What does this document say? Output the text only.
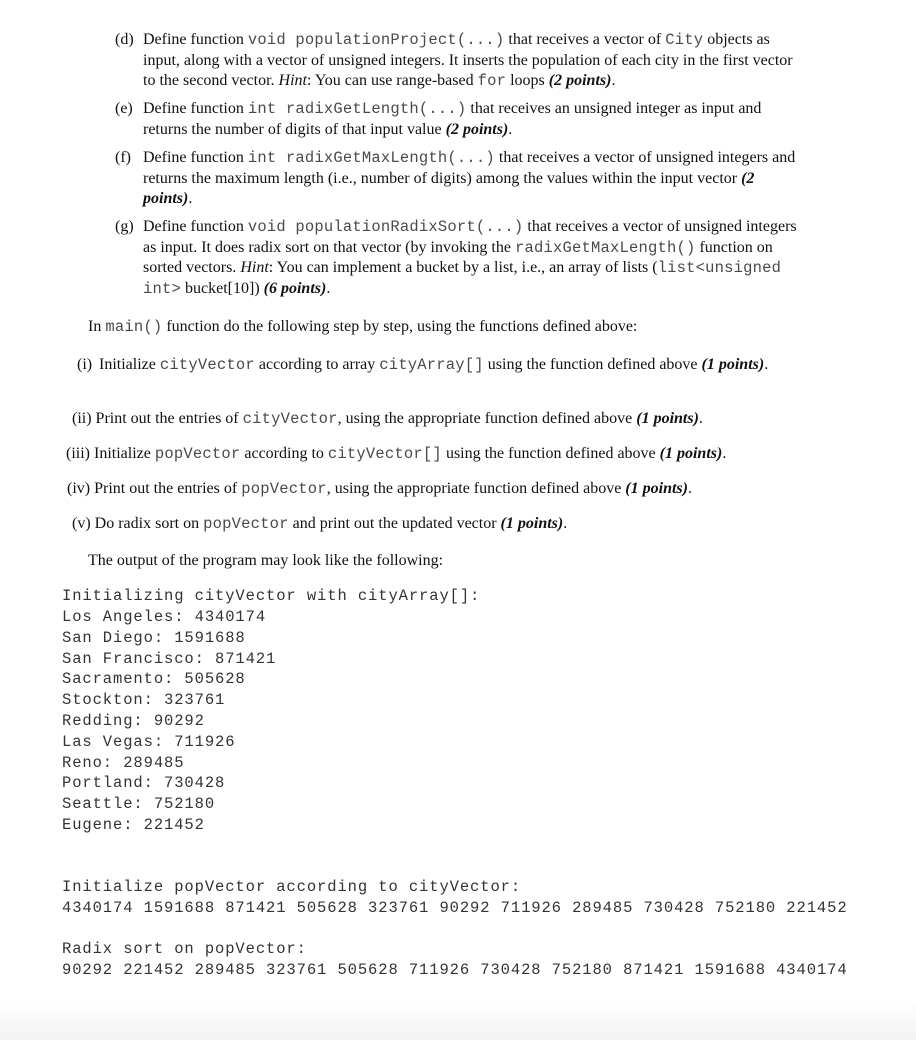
(d) Define function void populationProject(...) that receives a vector of City objects as input, along with a vector of unsigned integers. It inserts the population of each city in the first vector to the second vector. Hint: You can use range-based for loops (2 points).
(e) Define function int radixGetLength(...) that receives an unsigned integer as input and returns the number of digits of that input value (2 points).
(f) Define function int radixGetMaxLength(...) that receives a vector of unsigned integers and returns the maximum length (i.e., number of digits) among the values within the input vector (2 points).
(g) Define function void populationRadixSort(...) that receives a vector of unsigned integers as input. It does radix sort on that vector (by invoking the radixGetMaxLength() function on sorted vectors. Hint: You can implement a bucket by a list, i.e., an array of lists (list<unsigned int> bucket[10]) (6 points).
In main() function do the following step by step, using the functions defined above:
(i) Initialize cityVector according to array cityArray[] using the function defined above (1 points).
(ii) Print out the entries of cityVector, using the appropriate function defined above (1 points).
(iii) Initialize popVector according to cityVector[] using the function defined above (1 points).
(iv) Print out the entries of popVector, using the appropriate function defined above (1 points).
(v) Do radix sort on popVector and print out the updated vector (1 points).
The output of the program may look like the following:
Initializing cityVector with cityArray[]:
Los Angeles: 4340174
San Diego: 1591688
San Francisco: 871421
Sacramento: 505628
Stockton: 323761
Redding: 90292
Las Vegas: 711926
Reno: 289485
Portland: 730428
Seattle: 752180
Eugene: 221452
Initialize popVector according to cityVector:
4340174 1591688 871421 505628 323761 90292 711926 289485 730428 752180 221452
Radix sort on popVector:
90292 221452 289485 323761 505628 711926 730428 752180 871421 1591688 4340174
